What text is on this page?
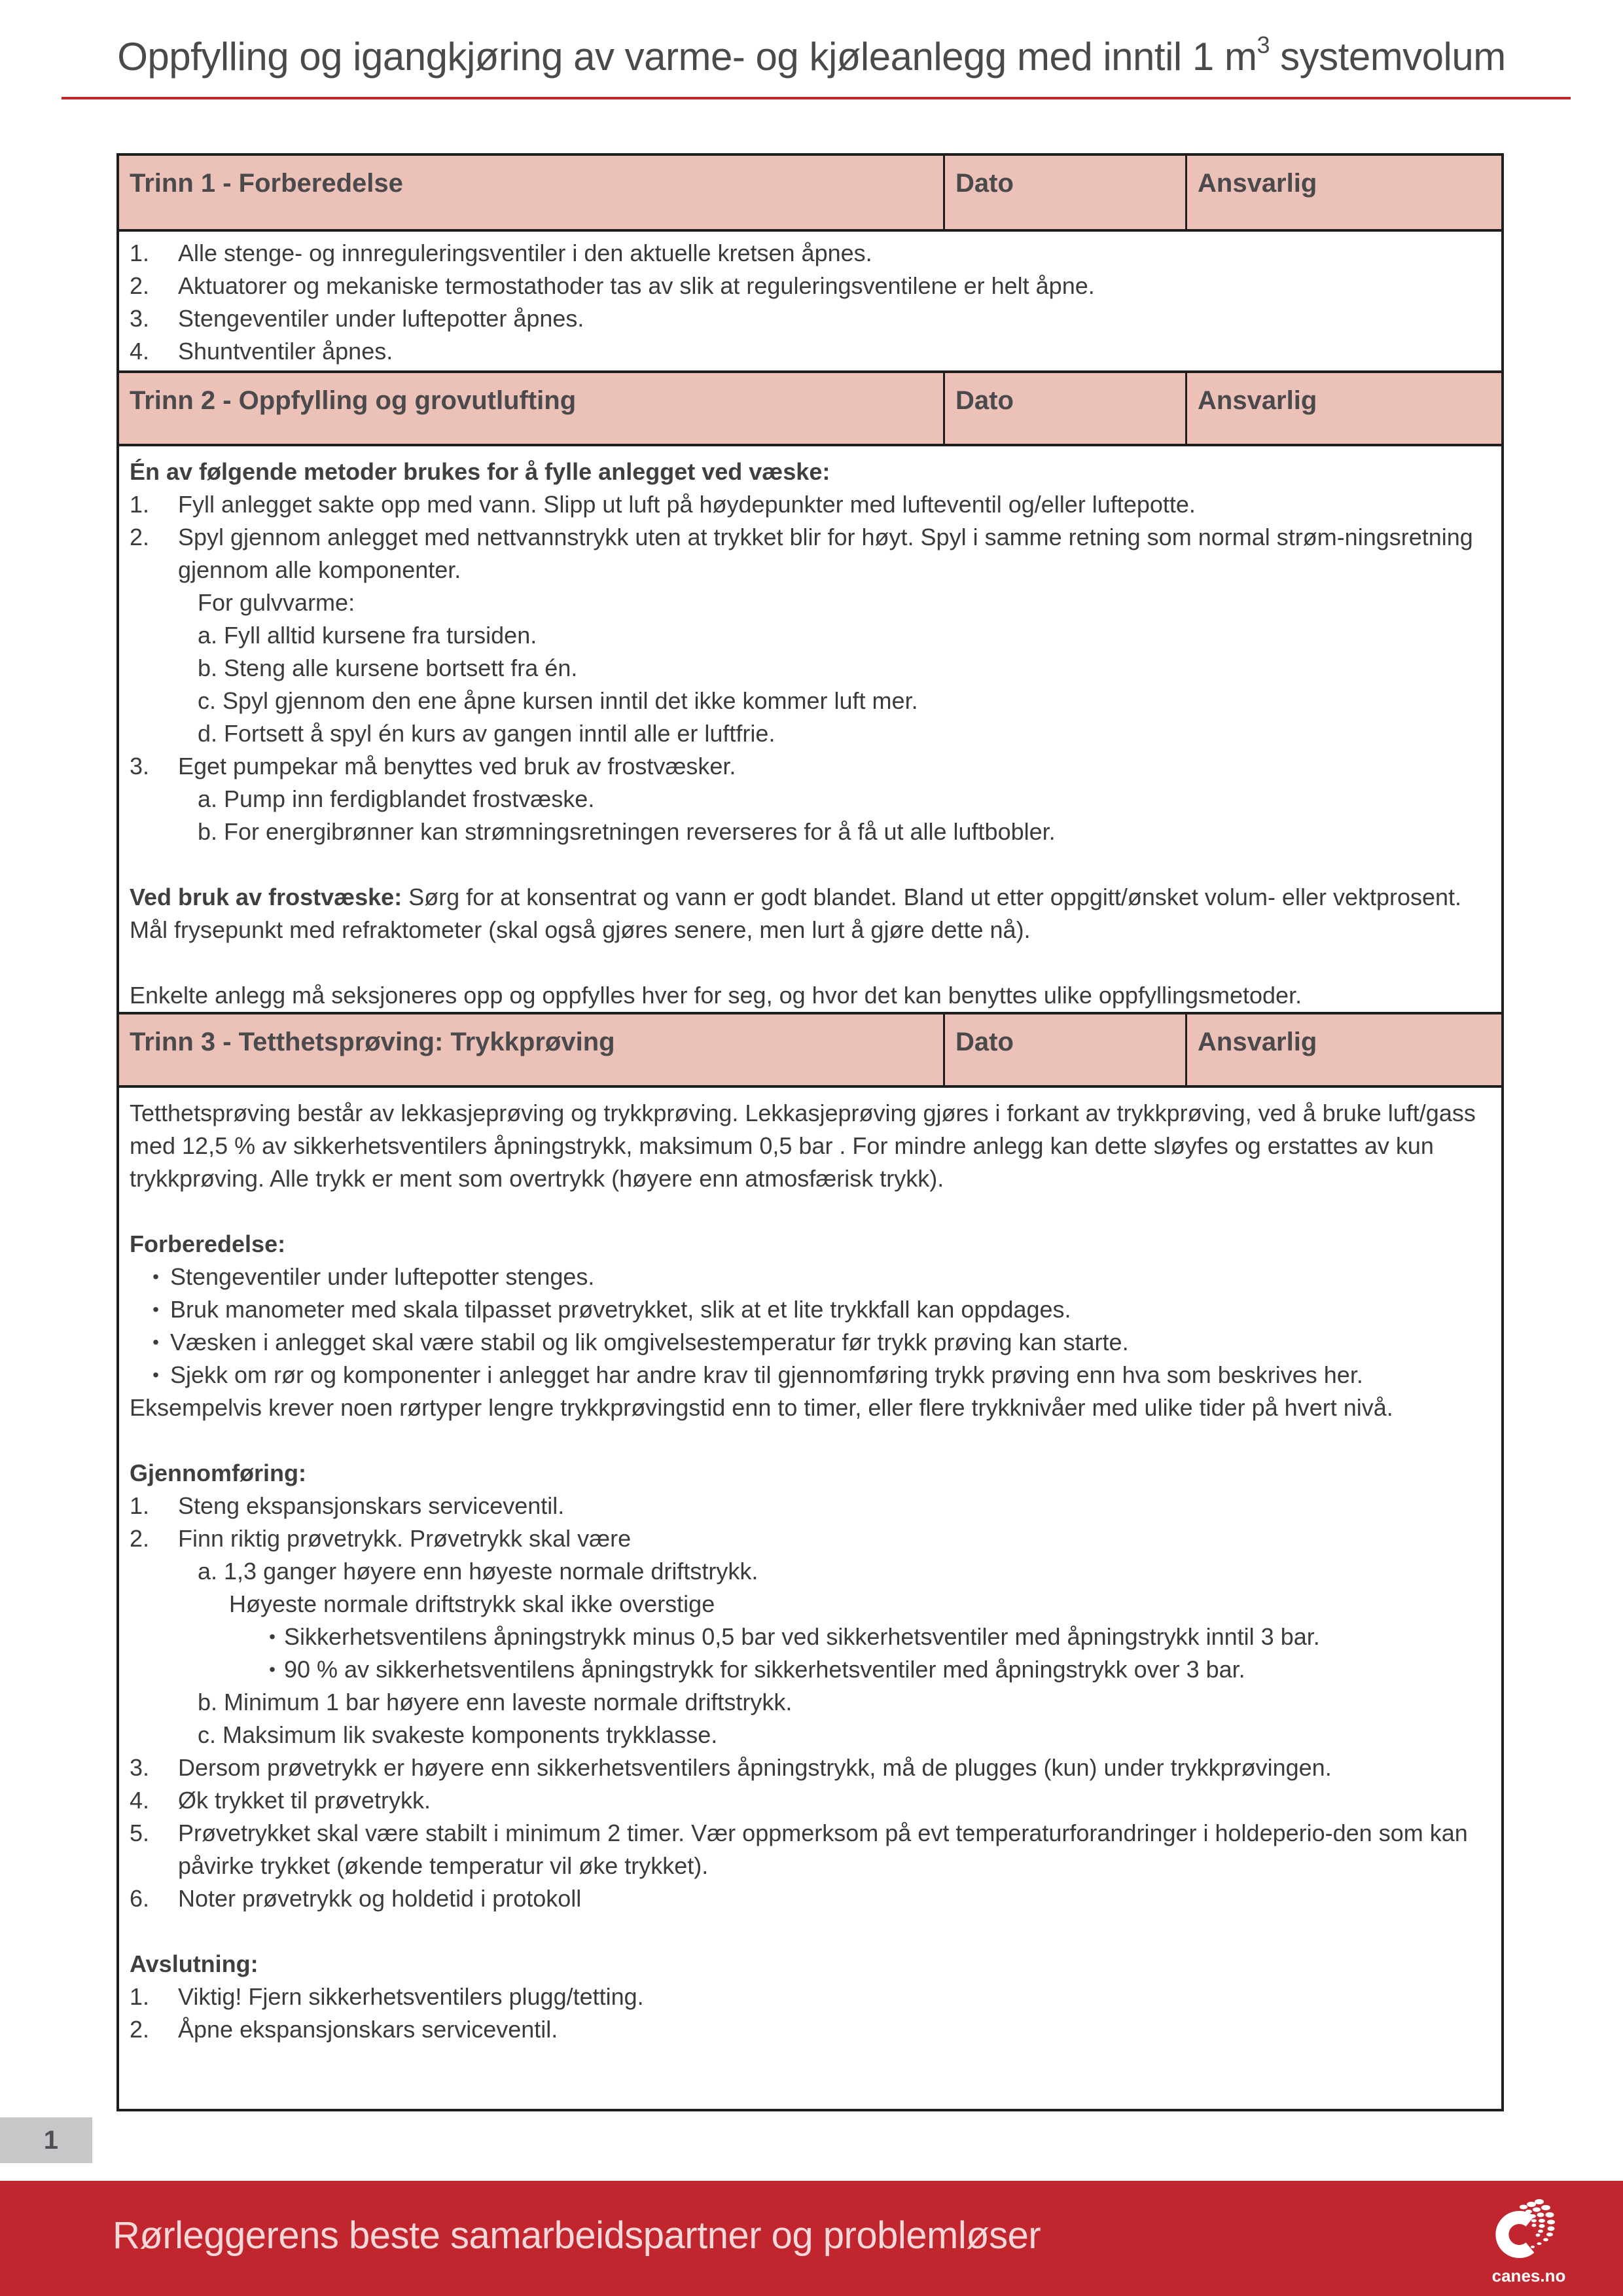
Oppfylling og igangkjøring av varme- og kjøleanlegg med inntil 1 $m^3$ systemvolum
Trinn 1 - Forberedelse	Dato	Ansvarlig
1.	Alle stenge- og innreguleringsventiler i den aktuelle kretsen åpnes.
2.	Aktuatorer og mekaniske termostathoder tas av slik at reguleringsventilene er helt åpne.
3.	Stengeventiler under luftepotter åpnes.
4.	Shuntventiler åpnes.
Trinn 2 - Oppfylling og grovutlufting	Dato	Ansvarlig

Én av følgende metoder brukes for å fylle anlegget ved væske:

1.	Fyll anlegget sakte opp med vann. Slipp ut luft på høydepunkter med lufteventil og/eller luftepotte.
2.	Spyl gjennom anlegget med nettvannstrykk uten at trykket blir for høyt. Spyl i samme retning som normal strøm-ningsretning gjennom alle komponenter.

For gulvvarme:

a. Fyll alltid kursene fra tursiden.

b. Steng alle kursene bortsett fra én.

c. Spyl gjennom den ene åpne kursen inntil det ikke kommer luft mer.

d. Fortsett å spyl én kurs av gangen inntil alle er luftfrie.

3.	Eget pumpekar må benyttes ved bruk av frostvæsker.

a. Pump inn ferdigblandet frostvæske.

b. For energibrønner kan strømningsretningen reverseres for å få ut alle luftbobler.

Ved bruk av frostvæske: Sørg for at konsentrat og vann er godt blandet. Bland ut etter oppgitt/ønsket volum- eller vektprosent. Mål frysepunkt med refraktometer (skal også gjøres senere, men lurt å gjøre dette nå).

Enkelte anlegg må seksjoneres opp og oppfylles hver for seg, og hvor det kan benyttes ulike oppfyllingsmetoder.

Trinn 3 - Tetthetsprøving: Trykkprøving	Dato	Ansvarlig

Tetthetsprøving består av lekkasjeprøving og trykkprøving. Lekkasjeprøving gjøres i forkant av trykkprøving, ved å bruke luft/gass med 12,5 % av sikkerhetsventilers åpningstrykk, maksimum 0,5 bar . For mindre anlegg kan dette sløyfes og erstattes av kun trykkprøving. Alle trykk er ment som overtrykk (høyere enn atmosfærisk trykk).

Forberedelse:

• Stengeventiler under luftepotter stenges.
• Bruk manometer med skala tilpasset prøvetrykket, slik at et lite trykkfall kan oppdages.
• Væsken i anlegget skal være stabil og lik omgivelsestemperatur før trykk prøving kan starte.
• Sjekk om rør og komponenter i anlegget har andre krav til gjennomføring trykk prøving enn hva som beskrives her.

Eksempelvis krever noen rørtyper lengre trykkprøvingstid enn to timer, eller flere trykknivåer med ulike tider på hvert nivå.

Gjennomføring:

1.	Steng ekspansjonskars serviceventil.
2.	Finn riktig prøvetrykk. Prøvetrykk skal være

a. 1,3 ganger høyere enn høyeste normale driftstrykk.

Høyeste normale driftstrykk skal ikke overstige

• Sikkerhetsventilens åpningstrykk minus 0,5 bar ved sikkerhetsventiler med åpningstrykk inntil 3 bar.
• 90 % av sikkerhetsventilens åpningstrykk for sikkerhetsventiler med åpningstrykk over 3 bar.

b. Minimum 1 bar høyere enn laveste normale driftstrykk.

c. Maksimum lik svakeste komponents trykklasse.

3.	Dersom prøvetrykk er høyere enn sikkerhetsventilers åpningstrykk, må de plugges (kun) under trykkprøvingen.
4.	Øk trykket til prøvetrykk.
5.	Prøvetrykket skal være stabilt i minimum 2 timer. Vær oppmerksom på evt temperaturforandringer i holdeperio-den som kan påvirke trykket (økende temperatur vil øke trykket).
6.	Noter prøvetrykk og holdetid i protokoll

Avslutning:

1.	Viktig! Fjern sikkerhetsventilers plugg/tetting.
2.	Åpne ekspansjonskars serviceventil.
1
Rørleggerens beste samarbeidspartner og problemløser
canes.no
